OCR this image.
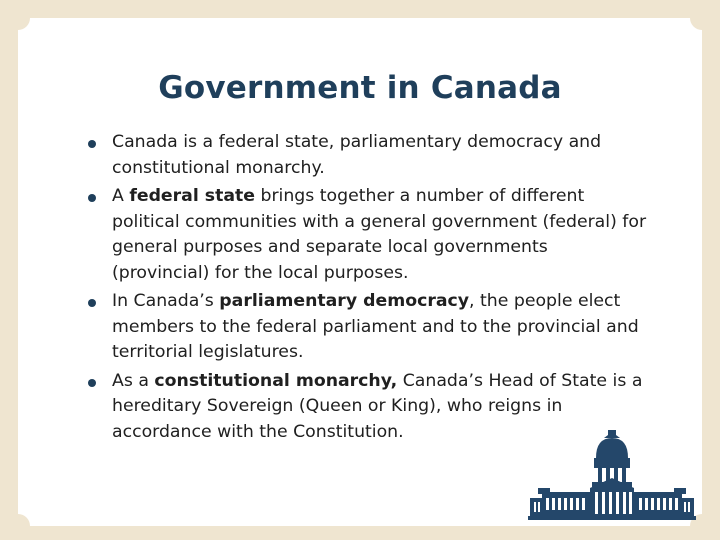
Government in Canada
Canada is a federal state, parliamentary democracy and constitutional monarchy.
A federal state brings together a number of different political communities with a general government (federal) for general purposes and separate local governments (provincial) for the local purposes.
In Canada’s parliamentary democracy, the people elect members to the federal parliament and to the provincial and territorial legislatures.
As a constitutional monarchy, Canada’s Head of State is a hereditary Sovereign (Queen or King), who reigns in accordance with the Constitution.
